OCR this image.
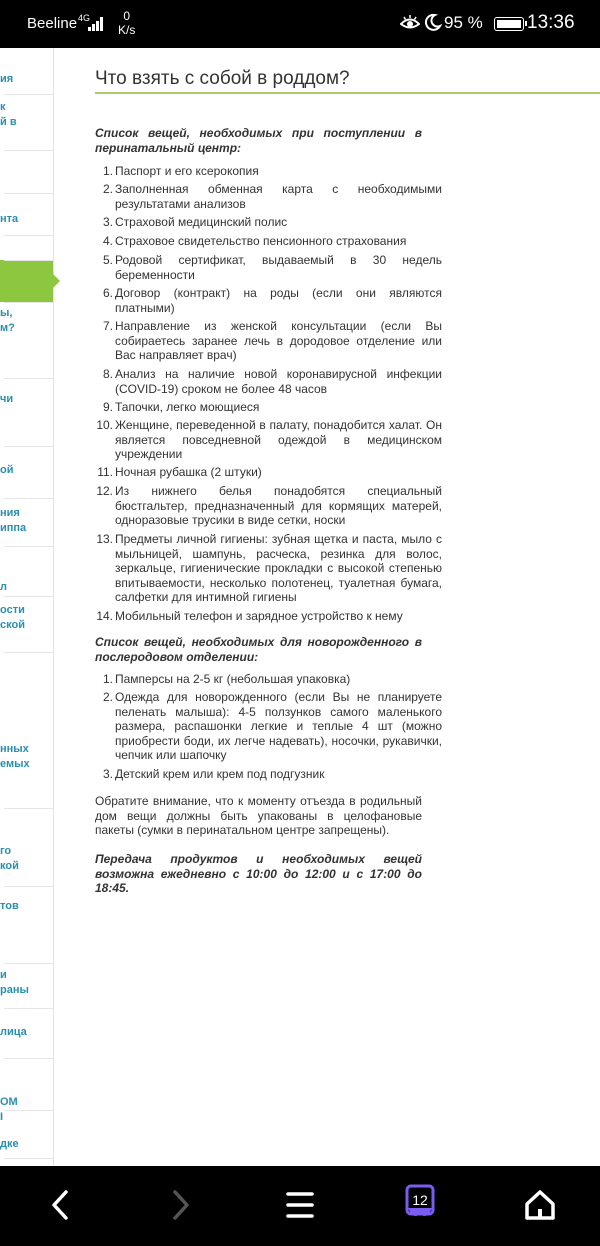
Beeline 4G	0
K/s	95 % 13:36
ия
к
й в
нта
ы,
м?
чи
ой
ния
иппа

л
ости
ской
нных
емых
го
кой
тов
и
раны
лица
ОМ
I
дке
Что взять с собой в роддом?
Список вещей, необходимых при поступлении в перинатальный центр:
1. Паспорт и его ксерокопия
2. Заполненная обменная карта с необходимыми результатами анализов
3. Страховой медицинский полис
4. Страховое свидетельство пенсионного страхования
5. Родовой сертификат, выдаваемый в 30 недель беременности
6. Договор (контракт) на роды (если они являются платными)
7. Направление из женской консультации (если Вы собираетесь заранее лечь в дородовое отделение или Вас направляет врач)
8. Анализ на наличие новой коронавирусной инфекции (COVID-19) сроком не более 48 часов
9. Тапочки, легко моющиеся
10. Женщине, переведенной в палату, понадобится халат. Он является повседневной одеждой в медицинском учреждении
11. Ночная рубашка (2 штуки)
12. Из нижнего белья понадобятся специальный бюстгальтер, предназначенный для кормящих матерей, одноразовые трусики в виде сетки, носки
13. Предметы личной гигиены: зубная щетка и паста, мыло с мыльницей, шампунь, расческа, резинка для волос, зеркальце, гигиенические прокладки с высокой степенью впитываемости, несколько полотенец, туалетная бумага, салфетки для интимной гигиены
14. Мобильный телефон и зарядное устройство к нему
Список вещей, необходимых для новорожденного в послеродовом отделении:
1. Памперсы на 2-5 кг (небольшая упаковка)
2. Одежда для новорожденного (если Вы не планируете пеленать малыша): 4-5 ползунков самого маленького размера, распашонки легкие и теплые 4 шт (можно приобрести боди, их легче надевать), носочки, рукавички, чепчик или шапочку
3. Детский крем или крем под подгузник
Обратите внимание, что к моменту отъезда в родильный дом вещи должны быть упакованы в целофановые пакеты (сумки в перинатальном центре запрещены).
Передача продуктов и необходимых вещей возможна ежедневно с 10:00 до 12:00 и с 17:00 до 18:45.
12
